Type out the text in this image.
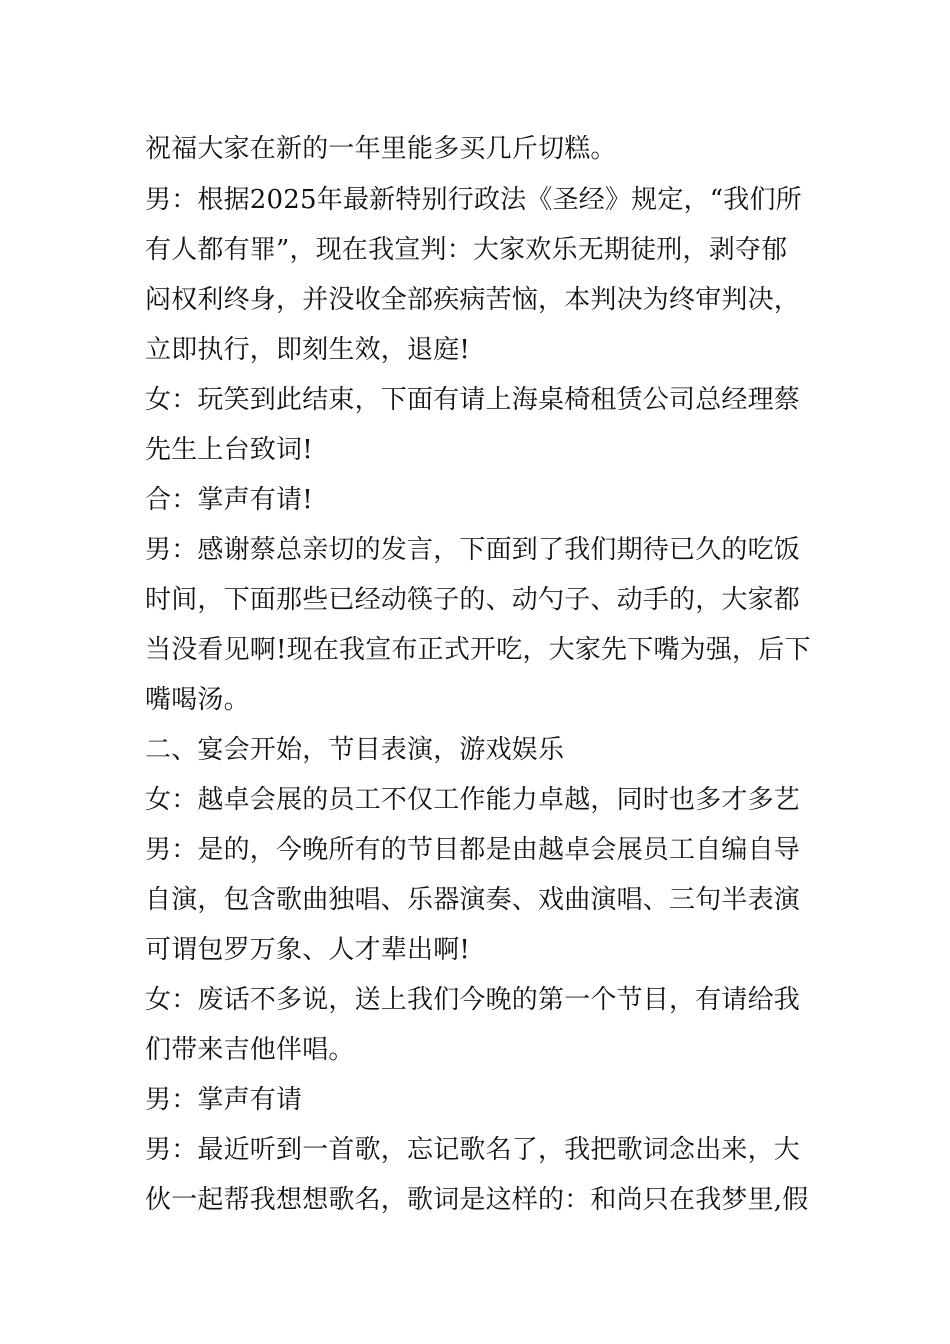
祝福大家在新的一年里能多买几斤切糕。
男：根据2025年最新特别行政法《圣经》规定，“我们所
有人都有罪”，现在我宣判：大家欢乐无期徒刑，剥夺郁
闷权利终身，并没收全部疾病苦恼，本判决为终审判决，
立即执行，即刻生效，退庭!
女：玩笑到此结束，下面有请上海桌椅租赁公司总经理蔡
先生上台致词!
合：掌声有请!
男：感谢蔡总亲切的发言，下面到了我们期待已久的吃饭
时间，下面那些已经动筷子的、动勺子、动手的，大家都
当没看见啊!现在我宣布正式开吃，大家先下嘴为强，后下
嘴喝汤。
二、宴会开始，节目表演，游戏娱乐
女：越卓会展的员工不仅工作能力卓越，同时也多才多艺
男：是的，今晚所有的节目都是由越卓会展员工自编自导
自演，包含歌曲独唱、乐器演奏、戏曲演唱、三句半表演
可谓包罗万象、人才辈出啊!
女：废话不多说，送上我们今晚的第一个节目，有请给我
们带来吉他伴唱。
男：掌声有请
男：最近听到一首歌，忘记歌名了，我把歌词念出来，大
伙一起帮我想想歌名，歌词是这样的：和尚只在我梦里,假
